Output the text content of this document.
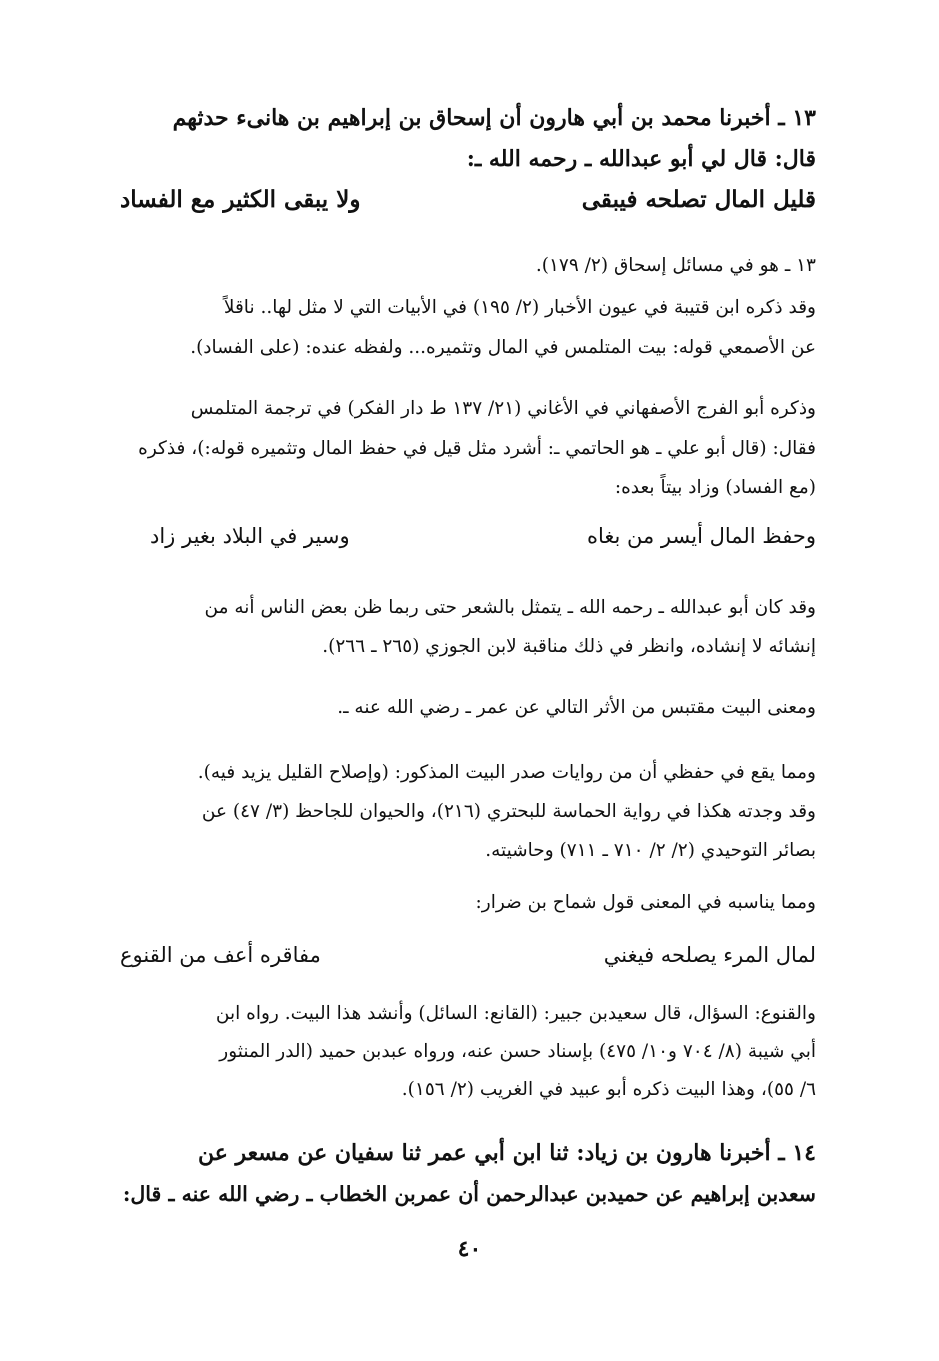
١٣ ـ أخبرنا محمد بن أبي هارون أن إسحاق بن إبراهيم بن هانىء حدثهم

قال: قال لي أبو عبدالله ـ رحمه الله ـ:

قليل المال تصلحه فيبقى

ولا يبقى الكثير مع الفساد

١٣ ـ هو في مسائل إسحاق (٢/ ١٧٩).

وقد ذكره ابن قتيبة في عيون الأخبار (٢/ ١٩٥) في الأبيات التي لا مثل لها.. ناقلاً

عن الأصمعي قوله: بيت المتلمس في المال وتثميره... ولفظه عنده: (على الفساد).

وذكره أبو الفرج الأصفهاني في الأغاني (٢١/ ١٣٧ ط دار الفكر) في ترجمة المتلمس

فقال: (قال أبو علي ـ هو الحاتمي ـ: أشرد مثل قيل في حفظ المال وتثميره قوله:)، فذكره

(مع الفساد) وزاد بيتاً بعده:

وحفظ المال أيسر من بغاه

وسير في البلاد بغير زاد

وقد كان أبو عبدالله ـ رحمه الله ـ يتمثل بالشعر حتى ربما ظن بعض الناس أنه من

إنشائه لا إنشاده، وانظر في ذلك مناقبة لابن الجوزي (٢٦٥ ـ ٢٦٦).

ومعنى البيت مقتبس من الأثر التالي عن عمر ـ رضي الله عنه ـ.

ومما يقع في حفظي أن من روايات صدر البيت المذكور: (وإصلاح القليل يزيد فيه).

وقد وجدته هكذا في رواية الحماسة للبحتري (٢١٦)، والحيوان للجاحظ (٣/ ٤٧) عن

بصائر التوحيدي (٢/ ٢/ ٧١٠ ـ ٧١١) وحاشيته.

ومما يناسبه في المعنى قول شماح بن ضرار:

لمال المرء يصلحه فيغني

مفاقره أعف من القنوع

والقنوع: السؤال، قال سعيدبن جبير: (القانع: السائل) وأنشد هذا البيت. رواه ابن

أبي شيبة (٨/ ٧٠٤ و١٠/ ٤٧٥) بإسناد حسن عنه، ورواه عبدبن حميد (الدر المنثور

٦/ ٥٥)، وهذا البيت ذكره أبو عبيد في الغريب (٢/ ١٥٦).

١٤ ـ أخبرنا هارون بن زياد: ثنا ابن أبي عمر ثنا سفيان عن مسعر عن

سعدبن إبراهيم عن حميدبن عبدالرحمن أن عمربن الخطاب ـ رضي الله عنه ـ قال:

٤٠
